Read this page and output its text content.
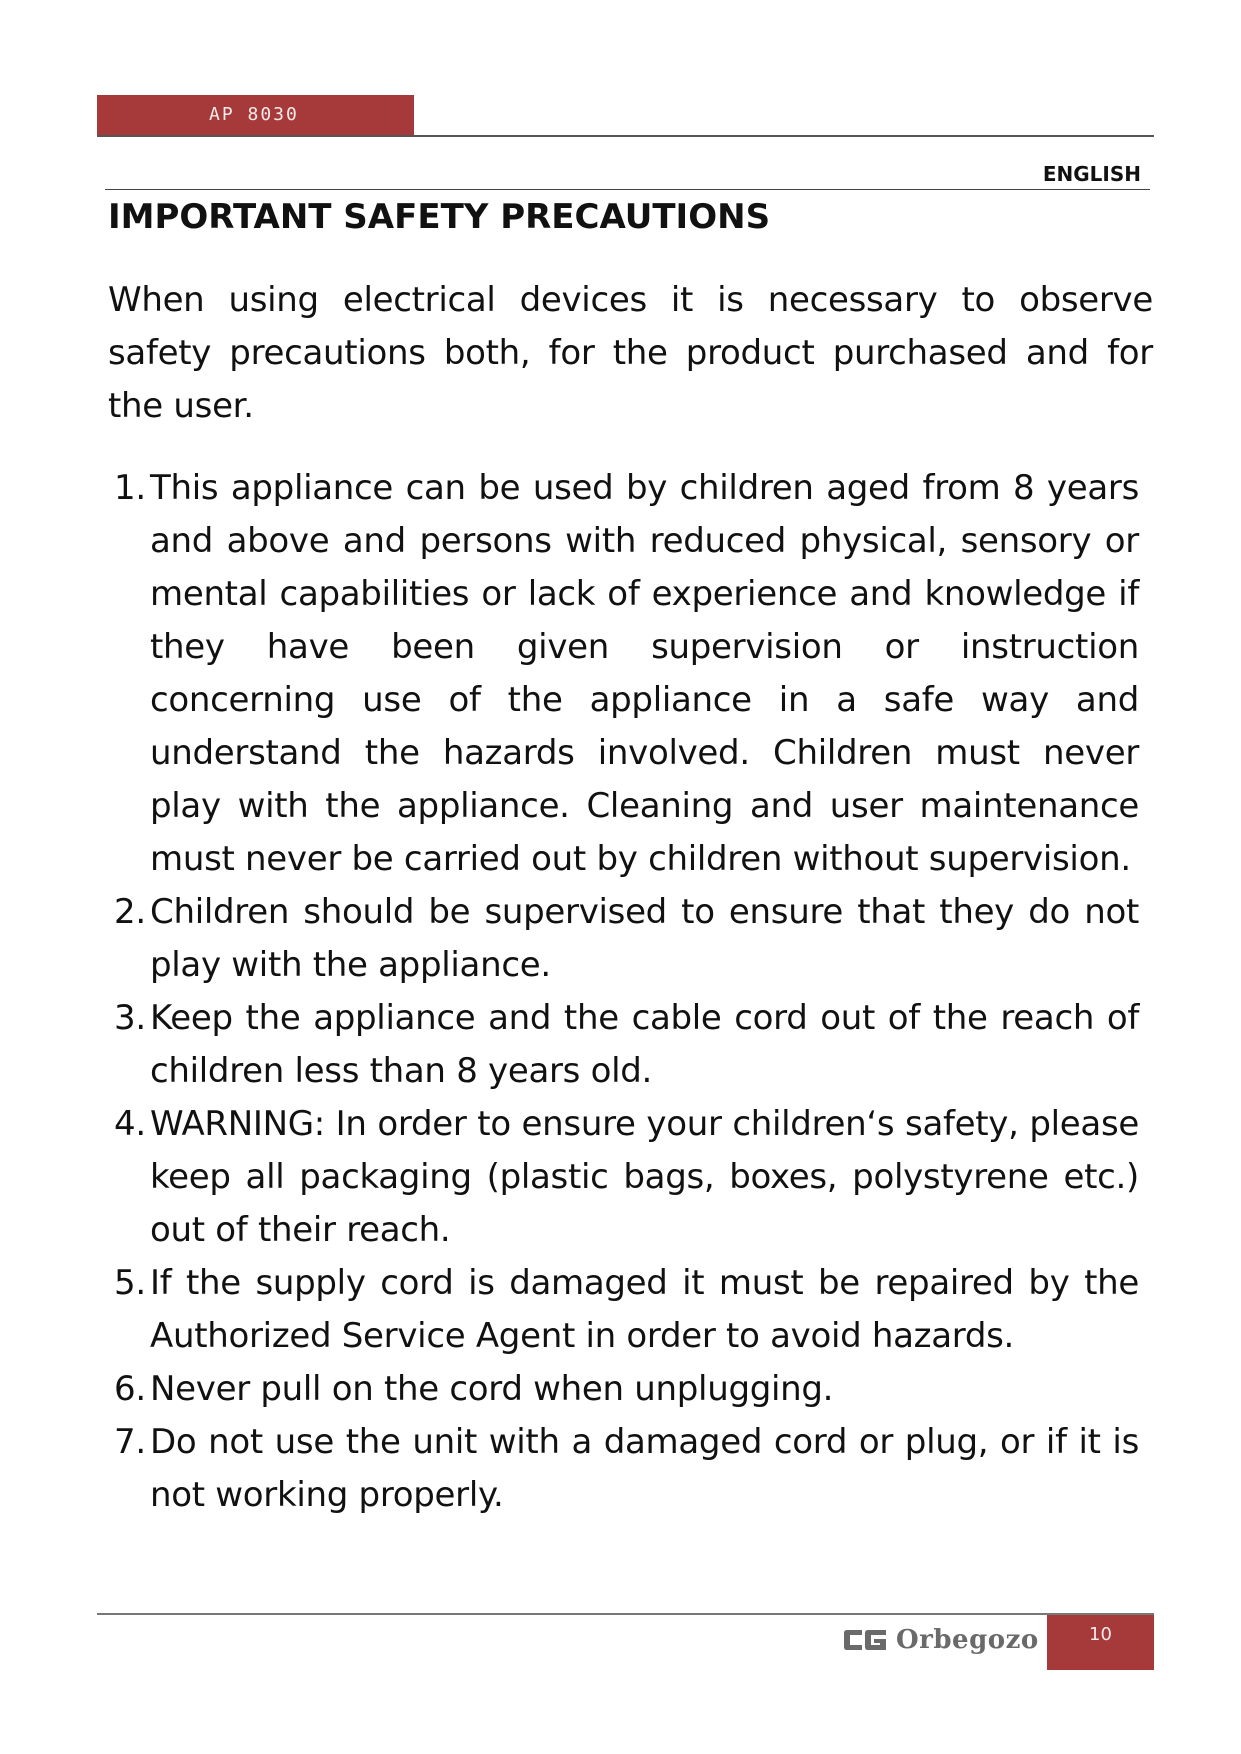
AP 8030
ENGLISH
IMPORTANT SAFETY PRECAUTIONS

When using electrical devices it is necessary to observe safety precautions both, for the product purchased and for the user.

1. This appliance can be used by children aged from 8 years and above and persons with reduced physical, sensory or mental capabilities or lack of experience and knowledge if they have been given supervision or instruction concerning use of the appliance in a safe way and understand the hazards involved. Children must never play with the appliance. Cleaning and user maintenance must never be carried out by children without supervision.
2. Children should be supervised to ensure that they do not play with the appliance.
3. Keep the appliance and the cable cord out of the reach of children less than 8 years old.
4. WARNING: In order to ensure your children‘s safety, please keep all packaging (plastic bags, boxes, polystyrene etc.) out of their reach.
5. If the supply cord is damaged it must be repaired by the Authorized Service Agent in order to avoid hazards.
6. Never pull on the cord when unplugging.
7. Do not use the unit with a damaged cord or plug, or if it is not working properly.
Orbegozo	10
